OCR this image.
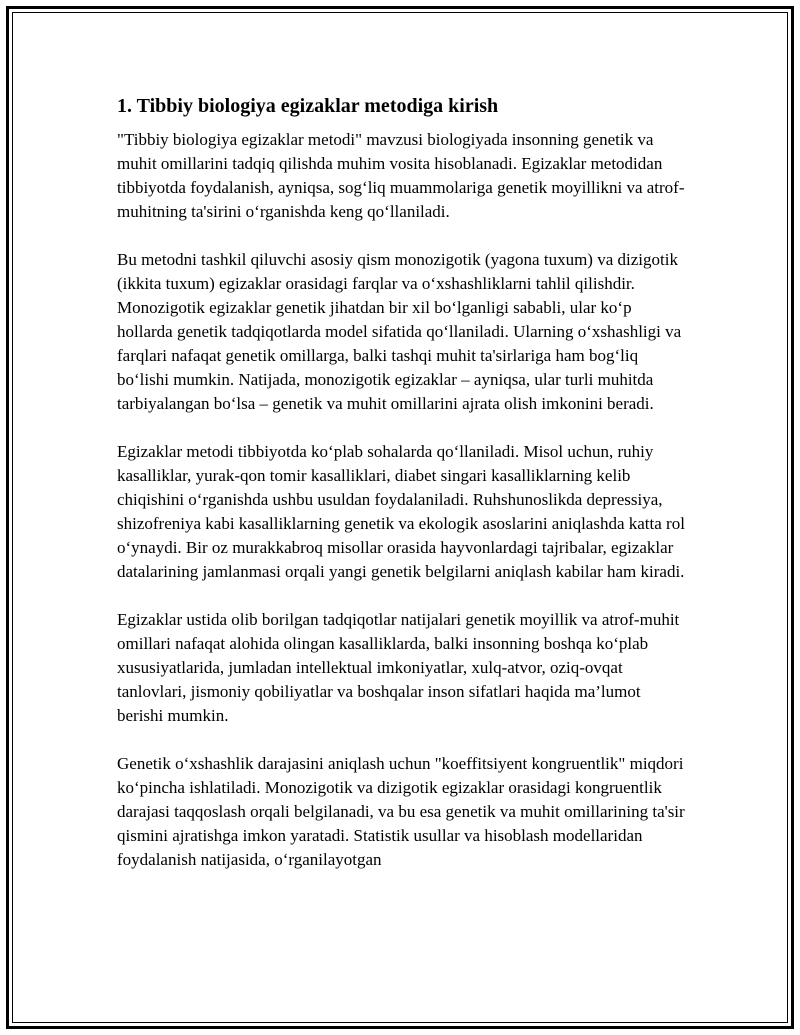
1. Tibbiy biologiya egizaklar metodiga kirish

"Tibbiy biologiya egizaklar metodi" mavzusi biologiyada insonning genetik va muhit omillarini tadqiq qilishda muhim vosita hisoblanadi. Egizaklar metodidan tibbiyotda foydalanish, ayniqsa, sog‘liq muammolariga genetik moyillikni va atrof-muhitning ta'sirini o‘rganishda keng qo‘llaniladi.

Bu metodni tashkil qiluvchi asosiy qism monozigotik (yagona tuxum) va dizigotik (ikkita tuxum) egizaklar orasidagi farqlar va o‘xshashliklarni tahlil qilishdir. Monozigotik egizaklar genetik jihatdan bir xil bo‘lganligi sababli, ular ko‘p hollarda genetik tadqiqotlarda model sifatida qo‘llaniladi. Ularning o‘xshashligi va farqlari nafaqat genetik omillarga, balki tashqi muhit ta'sirlariga ham bog‘liq bo‘lishi mumkin. Natijada, monozigotik egizaklar – ayniqsa, ular turli muhitda tarbiyalangan bo‘lsa – genetik va muhit omillarini ajrata olish imkonini beradi.

Egizaklar metodi tibbiyotda ko‘plab sohalarda qo‘llaniladi. Misol uchun, ruhiy kasalliklar, yurak-qon tomir kasalliklari, diabet singari kasalliklarning kelib chiqishini o‘rganishda ushbu usuldan foydalaniladi. Ruhshunoslikda depressiya, shizofreniya kabi kasalliklarning genetik va ekologik asoslarini aniqlashda katta rol o‘ynaydi. Bir oz murakkabroq misollar orasida hayvonlardagi tajribalar, egizaklar datalarining jamlanmasi orqali yangi genetik belgilarni aniqlash kabilar ham kiradi.

Egizaklar ustida olib borilgan tadqiqotlar natijalari genetik moyillik va atrof-muhit omillari nafaqat alohida olingan kasalliklarda, balki insonning boshqa ko‘plab xususiyatlarida, jumladan intellektual imkoniyatlar, xulq-atvor, oziq-ovqat tanlovlari, jismoniy qobiliyatlar va boshqalar inson sifatlari haqida ma’lumot berishi mumkin.

Genetik o‘xshashlik darajasini aniqlash uchun "koeffitsiyent kongruentlik" miqdori ko‘pincha ishlatiladi. Monozigotik va dizigotik egizaklar orasidagi kongruentlik darajasi taqqoslash orqali belgilanadi, va bu esa genetik va muhit omillarining ta'sir qismini ajratishga imkon yaratadi. Statistik usullar va hisoblash modellaridan foydalanish natijasida, o‘rganilayotgan
